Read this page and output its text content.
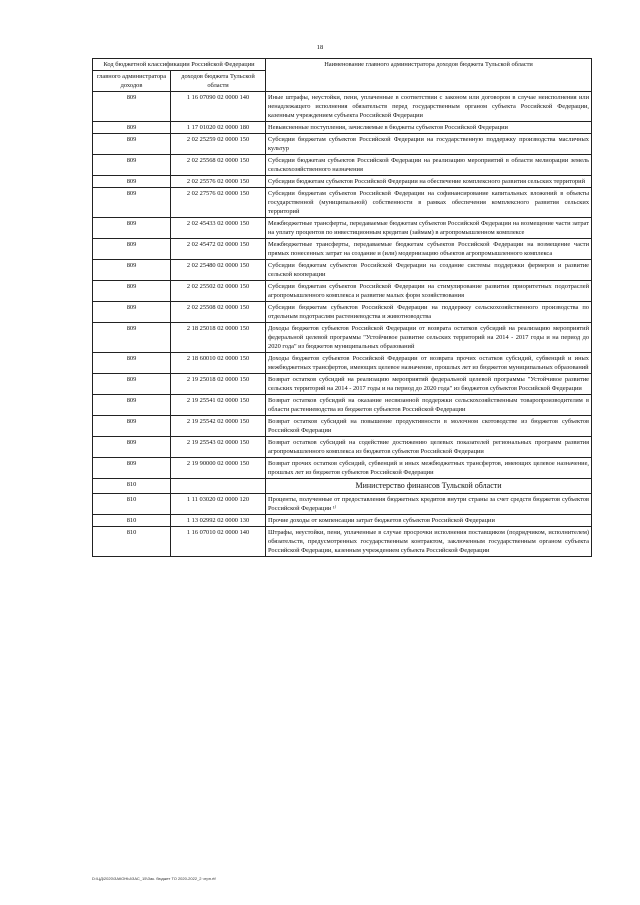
18
Код бюджетной классификации Российской Федерации		Наименование главного администратора доходов бюджета Тульской области
главного администратора доходов	доходов бюджета Тульской области	
809	1 16 07090 02 0000 140	Иные штрафы, неустойки, пени, уплаченные в соответствии с законом или договором в случае неисполнения или ненадлежащего исполнения обязательств перед государственным органом субъекта Российской Федерации, казенным учреждением субъекта Российской Федерации
809	1 17 01020 02 0000 180	Невыясненные поступления, зачисляемые в бюджеты субъектов Российской Федерации
809	2 02 25259 02 0000 150	Субсидии бюджетам субъектов Российской Федерации на государственную поддержку производства масличных культур
809	2 02 25568 02 0000 150	Субсидии бюджетам субъектов Российской Федерации на реализацию мероприятий в области мелиорации земель сельскохозяйственного назначения
809	2 02 25576 02 0000 150	Субсидии бюджетам субъектов Российской Федерации на обеспечение комплексного развития сельских территорий
809	2 02 27576 02 0000 150	Субсидии бюджетам субъектов Российской Федерации на софинансирование капитальных вложений в объекты государственной (муниципальной) собственности в рамках обеспечения комплексного развития сельских территорий
809	2 02 45433 02 0000 150	Межбюджетные трансферты, передаваемые бюджетам субъектов Российской Федерации на возмещение части затрат на уплату процентов по инвестиционным кредитам (займам) в агропромышленном комплексе
809	2 02 45472 02 0000 150	Межбюджетные трансферты, передаваемые бюджетам субъектов Российской Федерации на возмещение части прямых понесенных затрат на создание и (или) модернизацию объектов агропромышленного комплекса
809	2 02 25480 02 0000 150	Субсидии бюджетам субъектов Российской Федерации на создание системы поддержки фермеров и развитие сельской кооперации
809	2 02 25502 02 0000 150	Субсидии бюджетам субъектов Российской Федерации на стимулирование развития приоритетных подотраслей агропромышленного комплекса и развитие малых форм хозяйствования
809	2 02 25508 02 0000 150	Субсидии бюджетам субъектов Российской Федерации на поддержку сельскохозяйственного производства по отдельным подотраслям растениеводства и животноводства
809	2 18 25018 02 0000 150	Доходы бюджетов субъектов Российской Федерации от возврата остатков субсидий на реализацию мероприятий федеральной целевой программы "Устойчивое развитие сельских территорий на 2014 - 2017 годы и на период до 2020 года" из бюджетов муниципальных образований
809	2 18 60010 02 0000 150	Доходы бюджетов субъектов Российской Федерации от возврата прочих остатков субсидий, субвенций и иных межбюджетных трансфертов, имеющих целевое назначение, прошлых лет из бюджетов муниципальных образований
809	2 19 25018 02 0000 150	Возврат остатков субсидий на реализацию мероприятий федеральной целевой программы "Устойчивое развитие сельских территорий на 2014 - 2017 годы и на период до 2020 года" из бюджетов субъектов Российской Федерации
809	2 19 25541 02 0000 150	Возврат остатков субсидий на оказание несвязанной поддержки сельскохозяйственным товаропроизводителям в области растениеводства из бюджетов субъектов Российской Федерации
809	2 19 25542 02 0000 150	Возврат остатков субсидий на повышение продуктивности в молочном скотоводстве из бюджетов субъектов Российской Федерации
809	2 19 25543 02 0000 150	Возврат остатков субсидий на содействие достижению целевых показателей региональных программ развития агропромышленного комплекса из бюджетов субъектов Российской Федерации
809	2 19 90000 02 0000 150	Возврат прочих остатков субсидий, субвенций и иных межбюджетных трансфертов, имеющих целевое назначение, прошлых лет из бюджетов субъектов Российской Федерации
810		Министерство финансов Тульской области
810	1 11 03020 02 0000 120	Проценты, полученные от предоставления бюджетных кредитов внутри страны за счет средств бюджетов субъектов Российской Федерации ¹⁾
810	1 13 02992 02 0000 130	Прочие доходы от компенсации затрат бюджетов субъектов Российской Федерации
810	1 16 07010 02 0000 140	Штрафы, неустойки, пени, уплаченные в случае просрочки исполнения поставщиком (подрядчиком, исполнителем) обязательств, предусмотренных государственным контрактом, заключенным государственным органом субъекта Российской Федерации, казенным учреждением субъекта Российской Федерации
D:\ЦД\2020\ЗАКОНЫ\ЗАС_15\Зак. бюджет ТО 2020-2022_2 чтрн.rtf
